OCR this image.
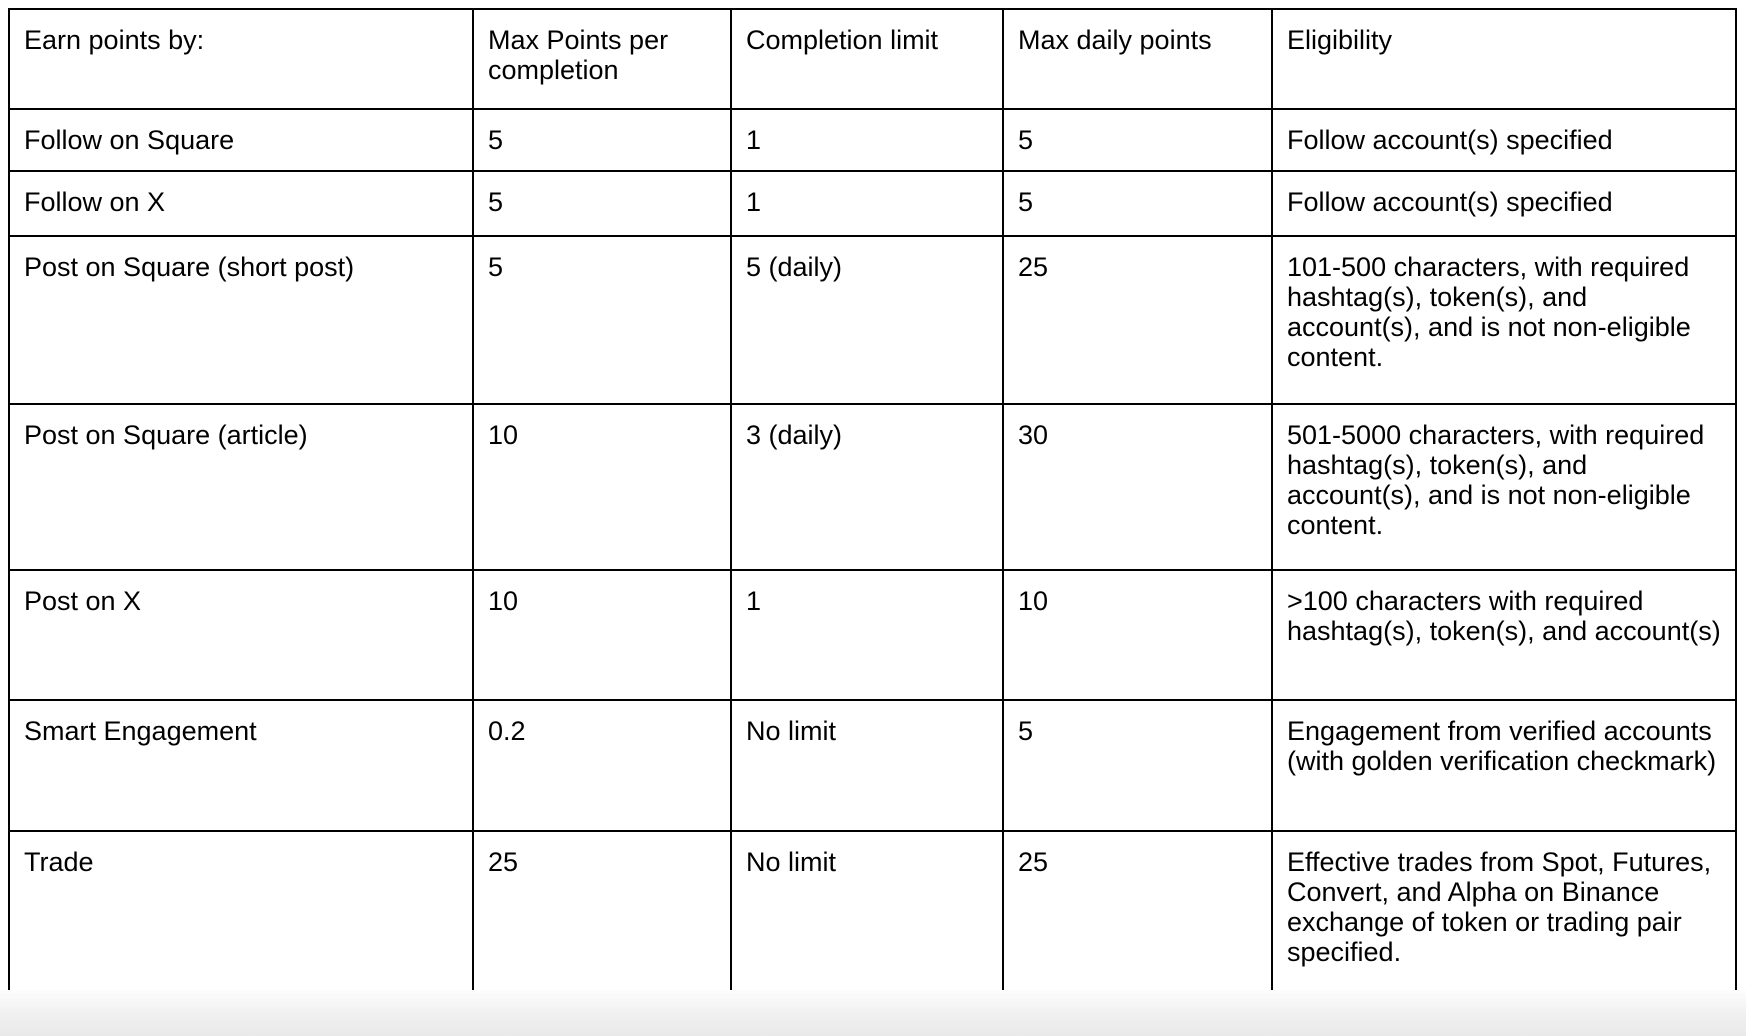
Earn points by:	Max Points per completion	Completion limit	Max daily points	Eligibility
Follow on Square	5	1	5	Follow account(s) specified
Follow on X	5	1	5	Follow account(s) specified
Post on Square (short post)	5	5 (daily)	25	101-500 characters, with required hashtag(s), token(s), and account(s), and is not non-eligible content.
Post on Square (article)	10	3 (daily)	30	501-5000 characters, with required hashtag(s), token(s), and account(s), and is not non-eligible content.
Post on X	10	1	10	>100 characters with required hashtag(s), token(s), and account(s)
Smart Engagement	0.2	No limit	5	Engagement from verified accounts (with golden verification checkmark)
Trade	25	No limit	25	Effective trades from Spot, Futures, Convert, and Alpha on Binance exchange of token or trading pair specified.
